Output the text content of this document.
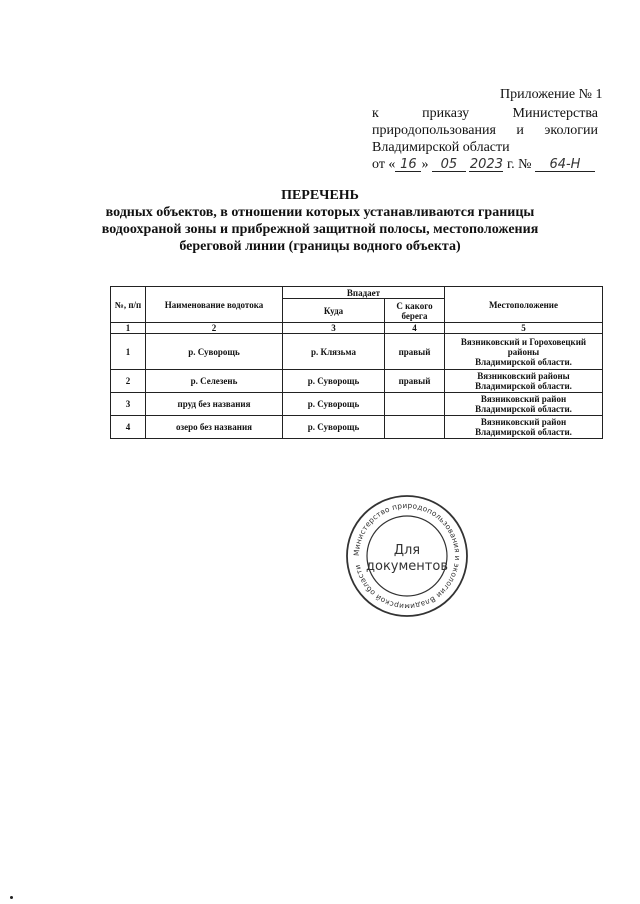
Приложение № 1
к	приказу	Министерства
природопользования и экологии
Владимирской области
от « 16 » 05 2023 г. № 64-Н
ПЕРЕЧЕНЬ
водных объектов, в отношении которых устанавливаются границы
водоохраной зоны и прибрежной защитной полосы, местоположения
береговой линии (границы водного объекта)
№, п/п	Наименование водотока	Впадает		Местоположение
		Куда	С какого берега	
1	2	3	4	5
1	р. Суворощь	р. Клязьма	правый	Вязниковский и Гороховецкий
районы
Владимирской области.

2	р. Селезень	р. Суворощь	правый	Вязниковский районы
Владимирской области.

3	пруд без названия	р. Суворощь		Вязниковский район
Владимирской области.

4	озеро без названия	р. Суворощь		Вязниковский район
Владимирской области.
Министерство природопользования и экологии Владимирской области
Для
документов
